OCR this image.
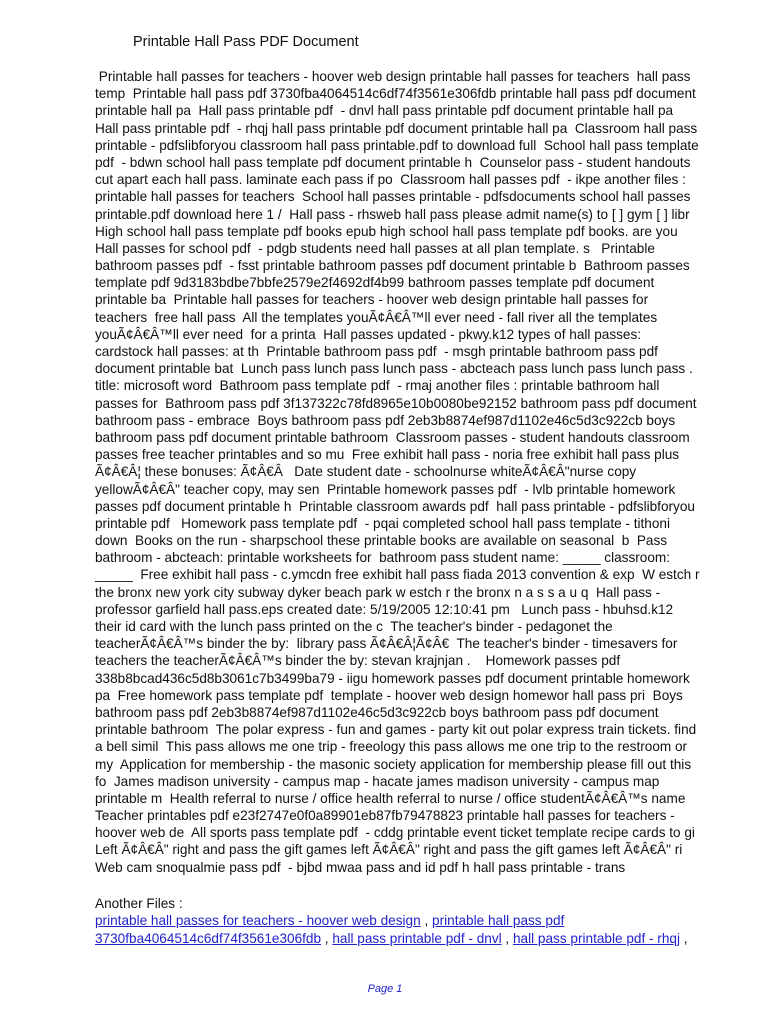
Printable Hall Pass PDF Document
Printable hall passes for teachers - hoover web design printable hall passes for teachers  hall pass
temp  Printable hall pass pdf 3730fba4064514c6df74f3561e306fdb printable hall pass pdf document
printable hall pa  Hall pass printable pdf  - dnvl hall pass printable pdf document printable hall pa
Hall pass printable pdf  - rhqj hall pass printable pdf document printable hall pa  Classroom hall pass
printable - pdfslibforyou classroom hall pass printable.pdf to download full  School hall pass template
pdf  - bdwn school hall pass template pdf document printable h  Counselor pass - student handouts
cut apart each hall pass. laminate each pass if po  Classroom hall passes pdf  - ikpe another files :
printable hall passes for teachers  School hall passes printable - pdfsdocuments school hall passes
printable.pdf download here 1 /  Hall pass - rhsweb hall pass please admit name(s) to [ ] gym [ ] libr
High school hall pass template pdf books epub high school hall pass template pdf books. are you
Hall passes for school pdf  - pdgb students need hall passes at all plan template. s   Printable
bathroom passes pdf  - fsst printable bathroom passes pdf document printable b  Bathroom passes
template pdf 9d3183bdbe7bbfe2579e2f4692df4b99 bathroom passes template pdf document
printable ba  Printable hall passes for teachers - hoover web design printable hall passes for
teachers  free hall pass  All the templates youÃ¢Â€Â™ll ever need - fall river all the templates
youÃ¢Â€Â™ll ever need  for a printa  Hall passes updated - pkwy.k12 types of hall passes:
cardstock hall passes: at th  Printable bathroom pass pdf  - msgh printable bathroom pass pdf
document printable bat  Lunch pass lunch pass lunch pass - abcteach pass lunch pass lunch pass .
title: microsoft word  Bathroom pass template pdf  - rmaj another files : printable bathroom hall
passes for  Bathroom pass pdf 3f137322c78fd8965e10b0080be92152 bathroom pass pdf document
bathroom pass - embrace  Boys bathroom pass pdf 2eb3b8874ef987d1102e46c5d3c922cb boys
bathroom pass pdf document printable bathroom  Classroom passes - student handouts classroom
passes free teacher printables and so mu  Free exhibit hall pass - noria free exhibit hall pass plus
Ã¢Â€Â¦ these bonuses: Ã¢Â€Â   Date student date - schoolnurse whiteÃ¢Â€Â"nurse copy
yellowÃ¢Â€Â" teacher copy, may sen  Printable homework passes pdf  - lvlb printable homework
passes pdf document printable h  Printable classroom awards pdf  hall pass printable - pdfslibforyou
printable pdf   Homework pass template pdf  - pqai completed school hall pass template - tithoni
down  Books on the run - sharpschool these printable books are available on seasonal  b  Pass
bathroom - abcteach: printable worksheets for  bathroom pass student name: _____ classroom:
_____  Free exhibit hall pass - c.ymcdn free exhibit hall pass fiada 2013 convention & exp  W estch r
the bronx new york city subway dyker beach park w estch r the bronx n a s s a u q  Hall pass -
professor garfield hall pass.eps created date: 5/19/2005 12:10:41 pm   Lunch pass - hbuhsd.k12
their id card with the lunch pass printed on the c  The teacher's binder - pedagonet the
teacherÃ¢Â€Â™s binder the by:  library pass Ã¢Â€Â¦Ã¢Â€  The teacher's binder - timesavers for
teachers the teacherÃ¢Â€Â™s binder the by: stevan krajnjan .    Homework passes pdf
338b8bcad436c5d8b3061c7b3499ba79 - iigu homework passes pdf document printable homework
pa  Free homework pass template pdf  template - hoover web design homewor hall pass pri  Boys
bathroom pass pdf 2eb3b8874ef987d1102e46c5d3c922cb boys bathroom pass pdf document
printable bathroom  The polar express - fun and games - party kit out polar express train tickets. find
a bell simil  This pass allows me one trip - freeology this pass allows me one trip to the restroom or
my  Application for membership - the masonic society application for membership please fill out this
fo  James madison university - campus map - hacate james madison university - campus map
printable m  Health referral to nurse / office health referral to nurse / office studentÃ¢Â€Â™s name
Teacher printables pdf e23f2747e0f0a89901eb87fb79478823 printable hall passes for teachers -
hoover web de  All sports pass template pdf  - cddg printable event ticket template recipe cards to gi
Left Ã¢Â€Â" right and pass the gift games left Ã¢Â€Â" right and pass the gift games left Ã¢Â€Â" ri
Web cam snoqualmie pass pdf  - bjbd mwaa pass and id pdf h hall pass printable - trans
Another Files :
printable hall passes for teachers - hoover web design , printable hall pass pdf 3730fba4064514c6df74f3561e306fdb , hall pass printable pdf - dnvl , hall pass printable pdf - rhqj ,
Page 1
